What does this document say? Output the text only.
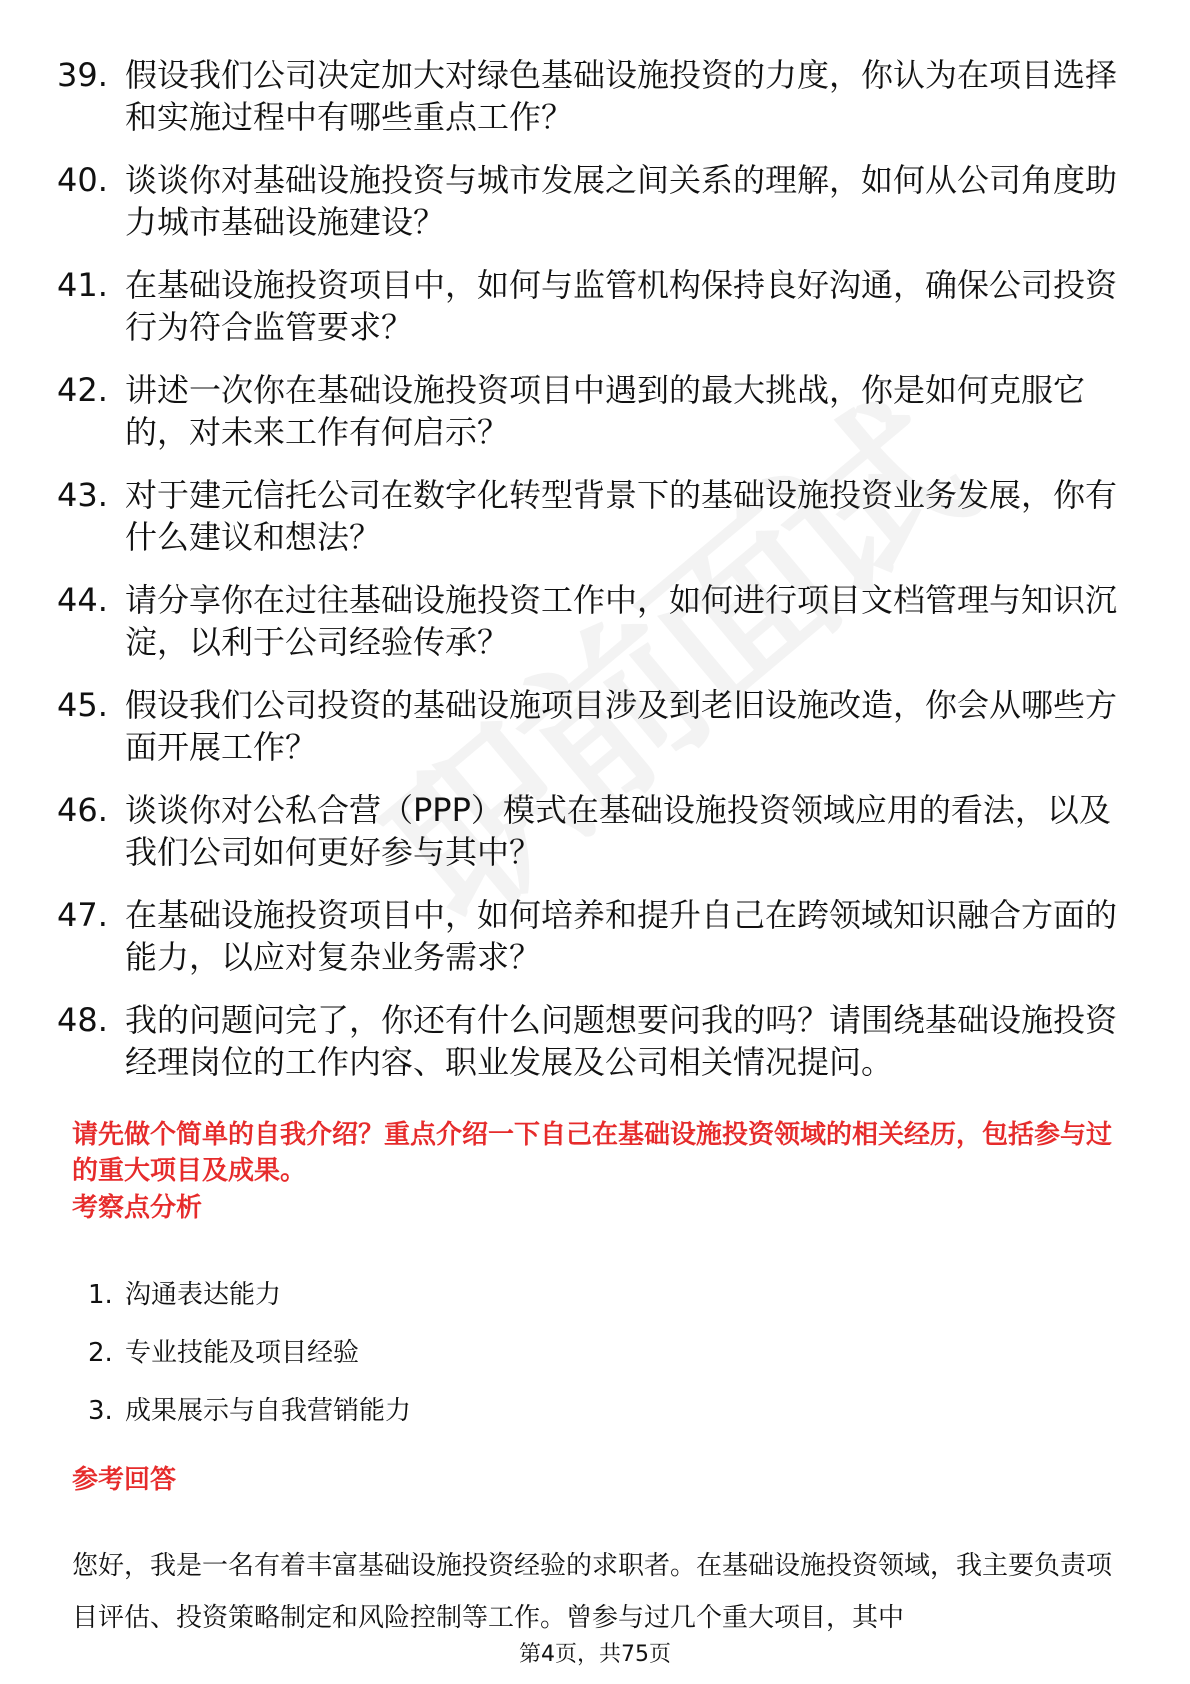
39. 假设我们公司决定加大对绿色基础设施投资的力度，你认为在项目选择和实施过程中有哪些重点工作？
40. 谈谈你对基础设施投资与城市发展之间关系的理解，如何从公司角度助力城市基础设施建设？
41. 在基础设施投资项目中，如何与监管机构保持良好沟通，确保公司投资行为符合监管要求？
42. 讲述一次你在基础设施投资项目中遇到的最大挑战，你是如何克服它的，对未来工作有何启示？
43. 对于建元信托公司在数字化转型背景下的基础设施投资业务发展，你有什么建议和想法？
44. 请分享你在过往基础设施投资工作中，如何进行项目文档管理与知识沉淀，以利于公司经验传承？
45. 假设我们公司投资的基础设施项目涉及到老旧设施改造，你会从哪些方面开展工作？
46. 谈谈你对公私合营（PPP）模式在基础设施投资领域应用的看法，以及我们公司如何更好参与其中？
47. 在基础设施投资项目中，如何培养和提升自己在跨领域知识融合方面的能力，以应对复杂业务需求？
48. 我的问题问完了，你还有什么问题想要问我的吗？请围绕基础设施投资经理岗位的工作内容、职业发展及公司相关情况提问。
请先做个简单的自我介绍？重点介绍一下自己在基础设施投资领域的相关经历，包括参与过的重大项目及成果。
考察点分析
1. 沟通表达能力
2. 专业技能及项目经验
3. 成果展示与自我营销能力
参考回答
您好，我是一名有着丰富基础设施投资经验的求职者。在基础设施投资领域，我主要负责项目评估、投资策略制定和风险控制等工作。曾参与过几个重大项目，其中
第4页，共75页
